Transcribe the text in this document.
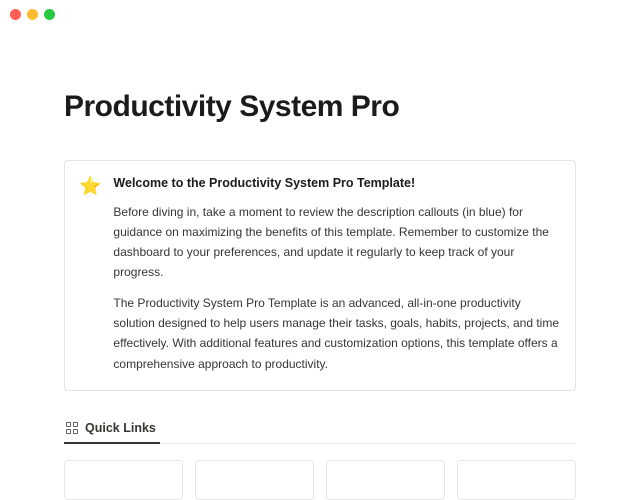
Productivity System Pro
⭐ Welcome to the Productivity System Pro Template!

Before diving in, take a moment to review the description callouts (in blue) for guidance on maximizing the benefits of this template. Remember to customize the dashboard to your preferences, and update it regularly to keep track of your progress.

The Productivity System Pro Template is an advanced, all-in-one productivity solution designed to help users manage their tasks, goals, habits, projects, and time effectively. With additional features and customization options, this template offers a comprehensive approach to productivity.

Quick Links
